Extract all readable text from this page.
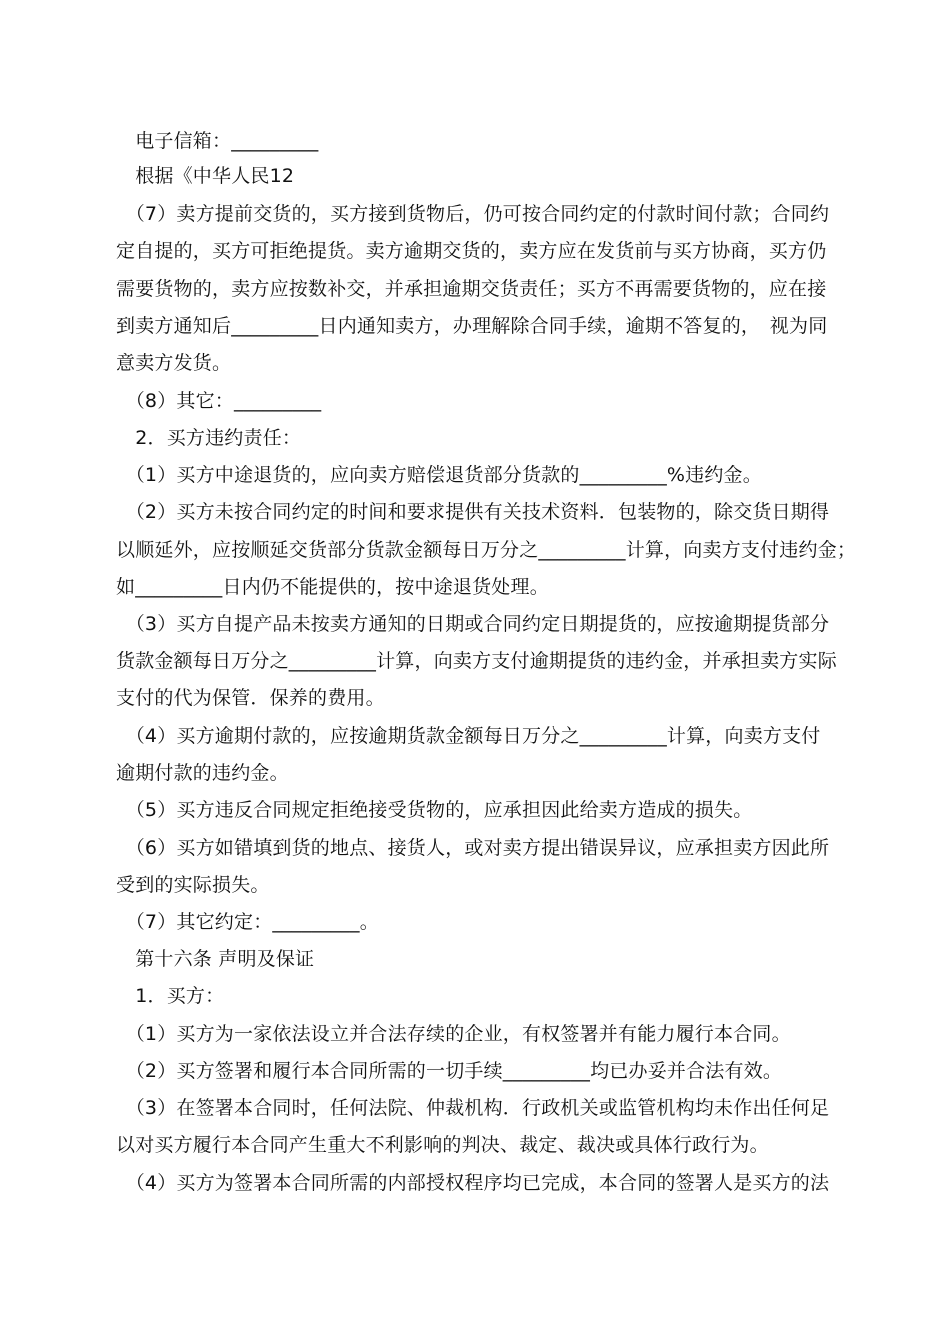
　电子信箱：_________
　根据《中华人民12
　（7）卖方提前交货的，买方接到货物后，仍可按合同约定的付款时间付款；合同约
定自提的，买方可拒绝提货。卖方逾期交货的，卖方应在发货前与买方协商，买方仍
需要货物的，卖方应按数补交，并承担逾期交货责任；买方不再需要货物的，应在接
到卖方通知后_________日内通知卖方，办理解除合同手续，逾期不答复的，　视为同
意卖方发货。
　（8）其它：_________
　2．买方违约责任：
　（1）买方中途退货的，应向卖方赔偿退货部分货款的_________%违约金。
　（2）买方未按合同约定的时间和要求提供有关技术资料．包装物的，除交货日期得
以顺延外，应按顺延交货部分货款金额每日万分之_________计算，向卖方支付违约金；
如_________日内仍不能提供的，按中途退货处理。
　（3）买方自提产品未按卖方通知的日期或合同约定日期提货的，应按逾期提货部分
货款金额每日万分之_________计算，向卖方支付逾期提货的违约金，并承担卖方实际
支付的代为保管．保养的费用。
　（4）买方逾期付款的，应按逾期货款金额每日万分之_________计算，向卖方支付
逾期付款的违约金。
　（5）买方违反合同规定拒绝接受货物的，应承担因此给卖方造成的损失。
　（6）买方如错填到货的地点、接货人，或对卖方提出错误异议，应承担卖方因此所
受到的实际损失。
　（7）其它约定：_________。
　第十六条 声明及保证
　1．买方：
　（1）买方为一家依法设立并合法存续的企业，有权签署并有能力履行本合同。
　（2）买方签署和履行本合同所需的一切手续_________均已办妥并合法有效。
　（3）在签署本合同时，任何法院、仲裁机构．行政机关或监管机构均未作出任何足
以对买方履行本合同产生重大不利影响的判决、裁定、裁决或具体行政行为。
　（4）买方为签署本合同所需的内部授权程序均已完成，本合同的签署人是买方的法
